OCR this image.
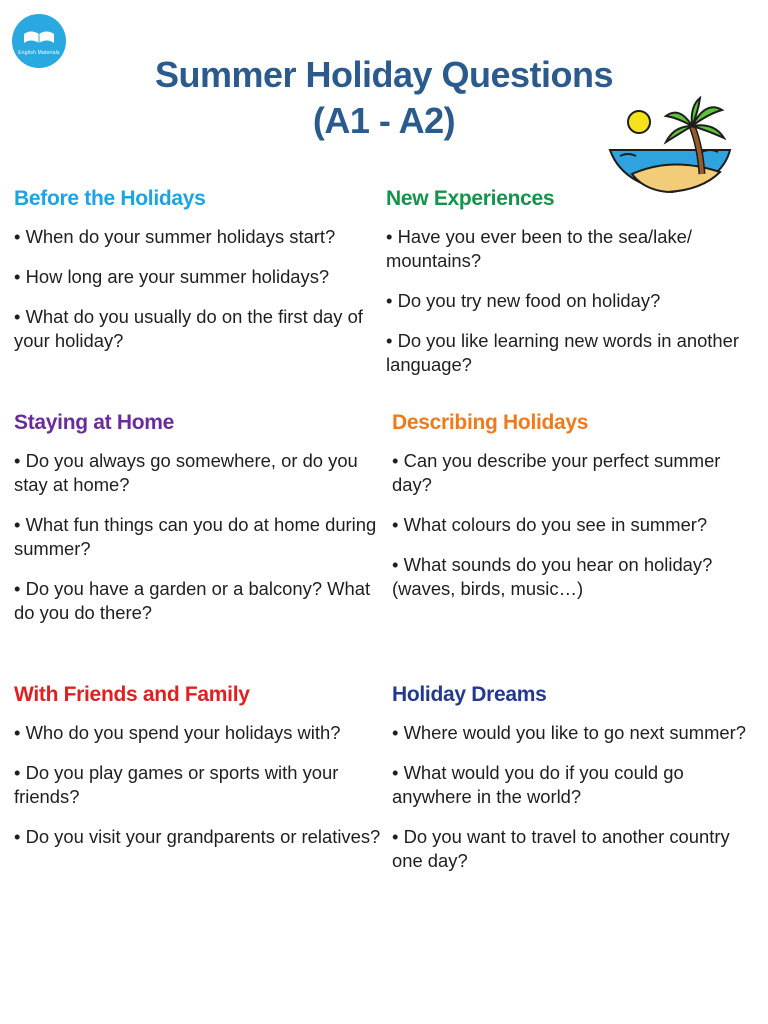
English Materials
Summer Holiday Questions
(A1 - A2)
Before the Holidays
• When do your summer holidays start?
• How long are your summer holidays?
• What do you usually do on the first day of your holiday?
Staying at Home
• Do you always go somewhere, or do you stay at home?
• What fun things can you do at home during summer?
• Do you have a garden or a balcony? What do you do there?
With Friends and Family
• Who do you spend your holidays with?
• Do you play games or sports with your friends?
• Do you visit your grandparents or relatives?
New Experiences
• Have you ever been to the sea/lake/ mountains?
• Do you try new food on holiday?
• Do you like learning new words in another language?
Describing Holidays
• Can you describe your perfect summer day?
• What colours do you see in summer?
• What sounds do you hear on holiday? (waves, birds, music…)
Holiday Dreams
• Where would you like to go next summer?
• What would you do if you could go anywhere in the world?
• Do you want to travel to another country one day?
